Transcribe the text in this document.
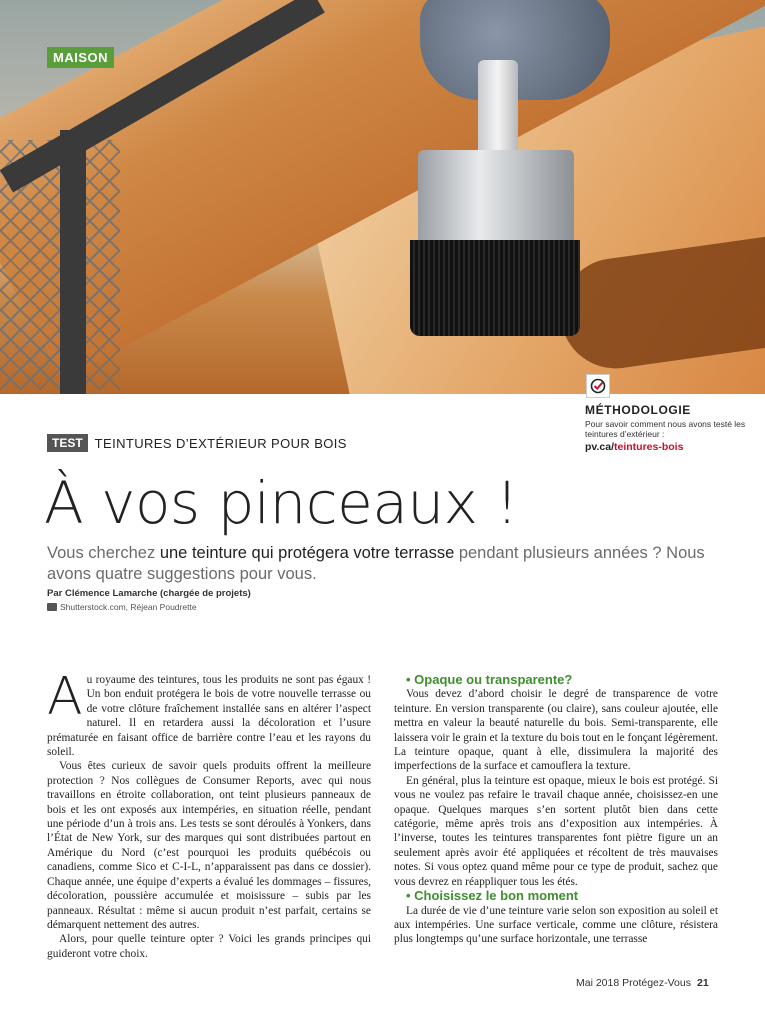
MAISON
MÉTHODOLOGIE
Pour savoir comment nous avons testé les teintures d’extérieur :
pv.ca/teintures-bois
TEST TEINTURES D’EXTÉRIEUR POUR BOIS
À vos pinceaux !
Vous cherchez une teinture qui protégera votre terrasse pendant plusieurs années ? Nous avons quatre suggestions pour vous.
Par Clémence Lamarche (chargée de projets)
Shutterstock.com, Réjean Poudrette

Au royaume des teintures, tous les produits ne sont pas égaux ! Un bon enduit protégera le bois de votre nouvelle terrasse ou de votre clôture fraîchement installée sans en altérer l’aspect naturel. Il en retardera aussi la décoloration et l’usure prématurée en faisant office de barrière contre l’eau et les rayons du soleil.

Vous êtes curieux de savoir quels produits offrent la meilleure protection ? Nos collègues de Consumer Reports, avec qui nous travaillons en étroite collaboration, ont teint plusieurs panneaux de bois et les ont exposés aux intempéries, en situation réelle, pendant une période d’un à trois ans. Les tests se sont déroulés à Yonkers, dans l’État de New York, sur des marques qui sont distribuées partout en Amérique du Nord (c’est pourquoi les produits québécois ou canadiens, comme Sico et C-I-L, n’apparaissent pas dans ce dossier). Chaque année, une équipe d’experts a évalué les dommages – fissures, décoloration, poussière accumulée et moisissure – subis par les panneaux. Résultat : même si aucun produit n’est parfait, certains se démarquent nettement des autres.

Alors, pour quelle teinture opter ? Voici les grands principes qui guideront votre choix.

• Opaque ou transparente?

Vous devez d’abord choisir le degré de transparence de votre teinture. En version transparente (ou claire), sans couleur ajoutée, elle mettra en valeur la beauté naturelle du bois. Semi-transparente, elle laissera voir le grain et la texture du bois tout en le fonçant légèrement. La teinture opaque, quant à elle, dissimulera la majorité des imperfections de la surface et camouflera la texture.

En général, plus la teinture est opaque, mieux le bois est protégé. Si vous ne voulez pas refaire le travail chaque année, choisissez-en une opaque. Quelques marques s’en sortent plutôt bien dans cette catégorie, même après trois ans d’exposition aux intempéries. À l’inverse, toutes les teintures transparentes font piètre figure un an seulement après avoir été appliquées et récoltent de très mauvaises notes. Si vous optez quand même pour ce type de produit, sachez que vous devrez en réappliquer tous les étés.

• Choisissez le bon moment

La durée de vie d’une teinture varie selon son exposition au soleil et aux intempéries. Une surface verticale, comme une clôture, résistera plus longtemps qu’une surface horizontale, une terrasse

Mai 2018 Protégez-Vous 21
